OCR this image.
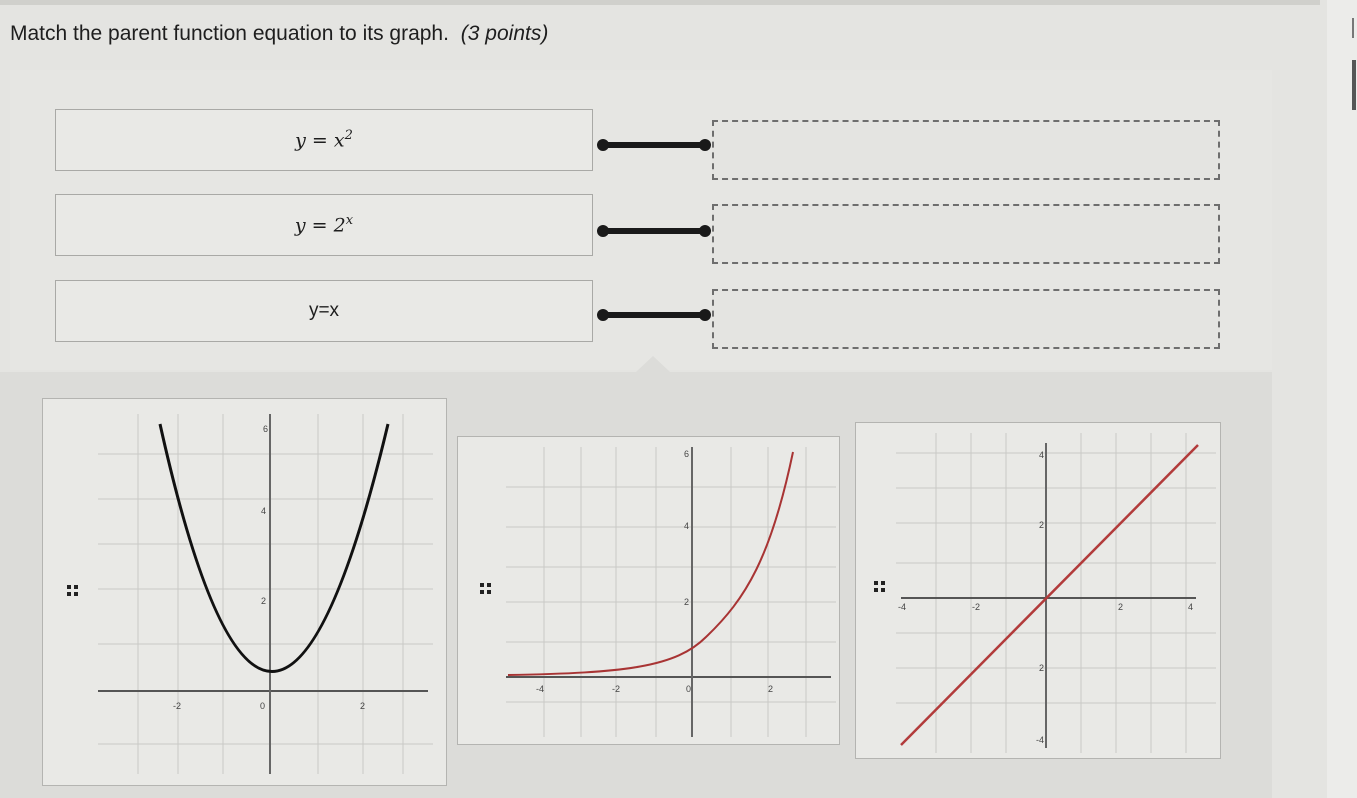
Match the parent function equation to its graph. (3 points)
$y = x^2$
$y = 2^x$
y=x
-2	0	2
6
4
2
-4	-2	0	2
6
4
2	-4	-2	2	4
4
2
2
-4
